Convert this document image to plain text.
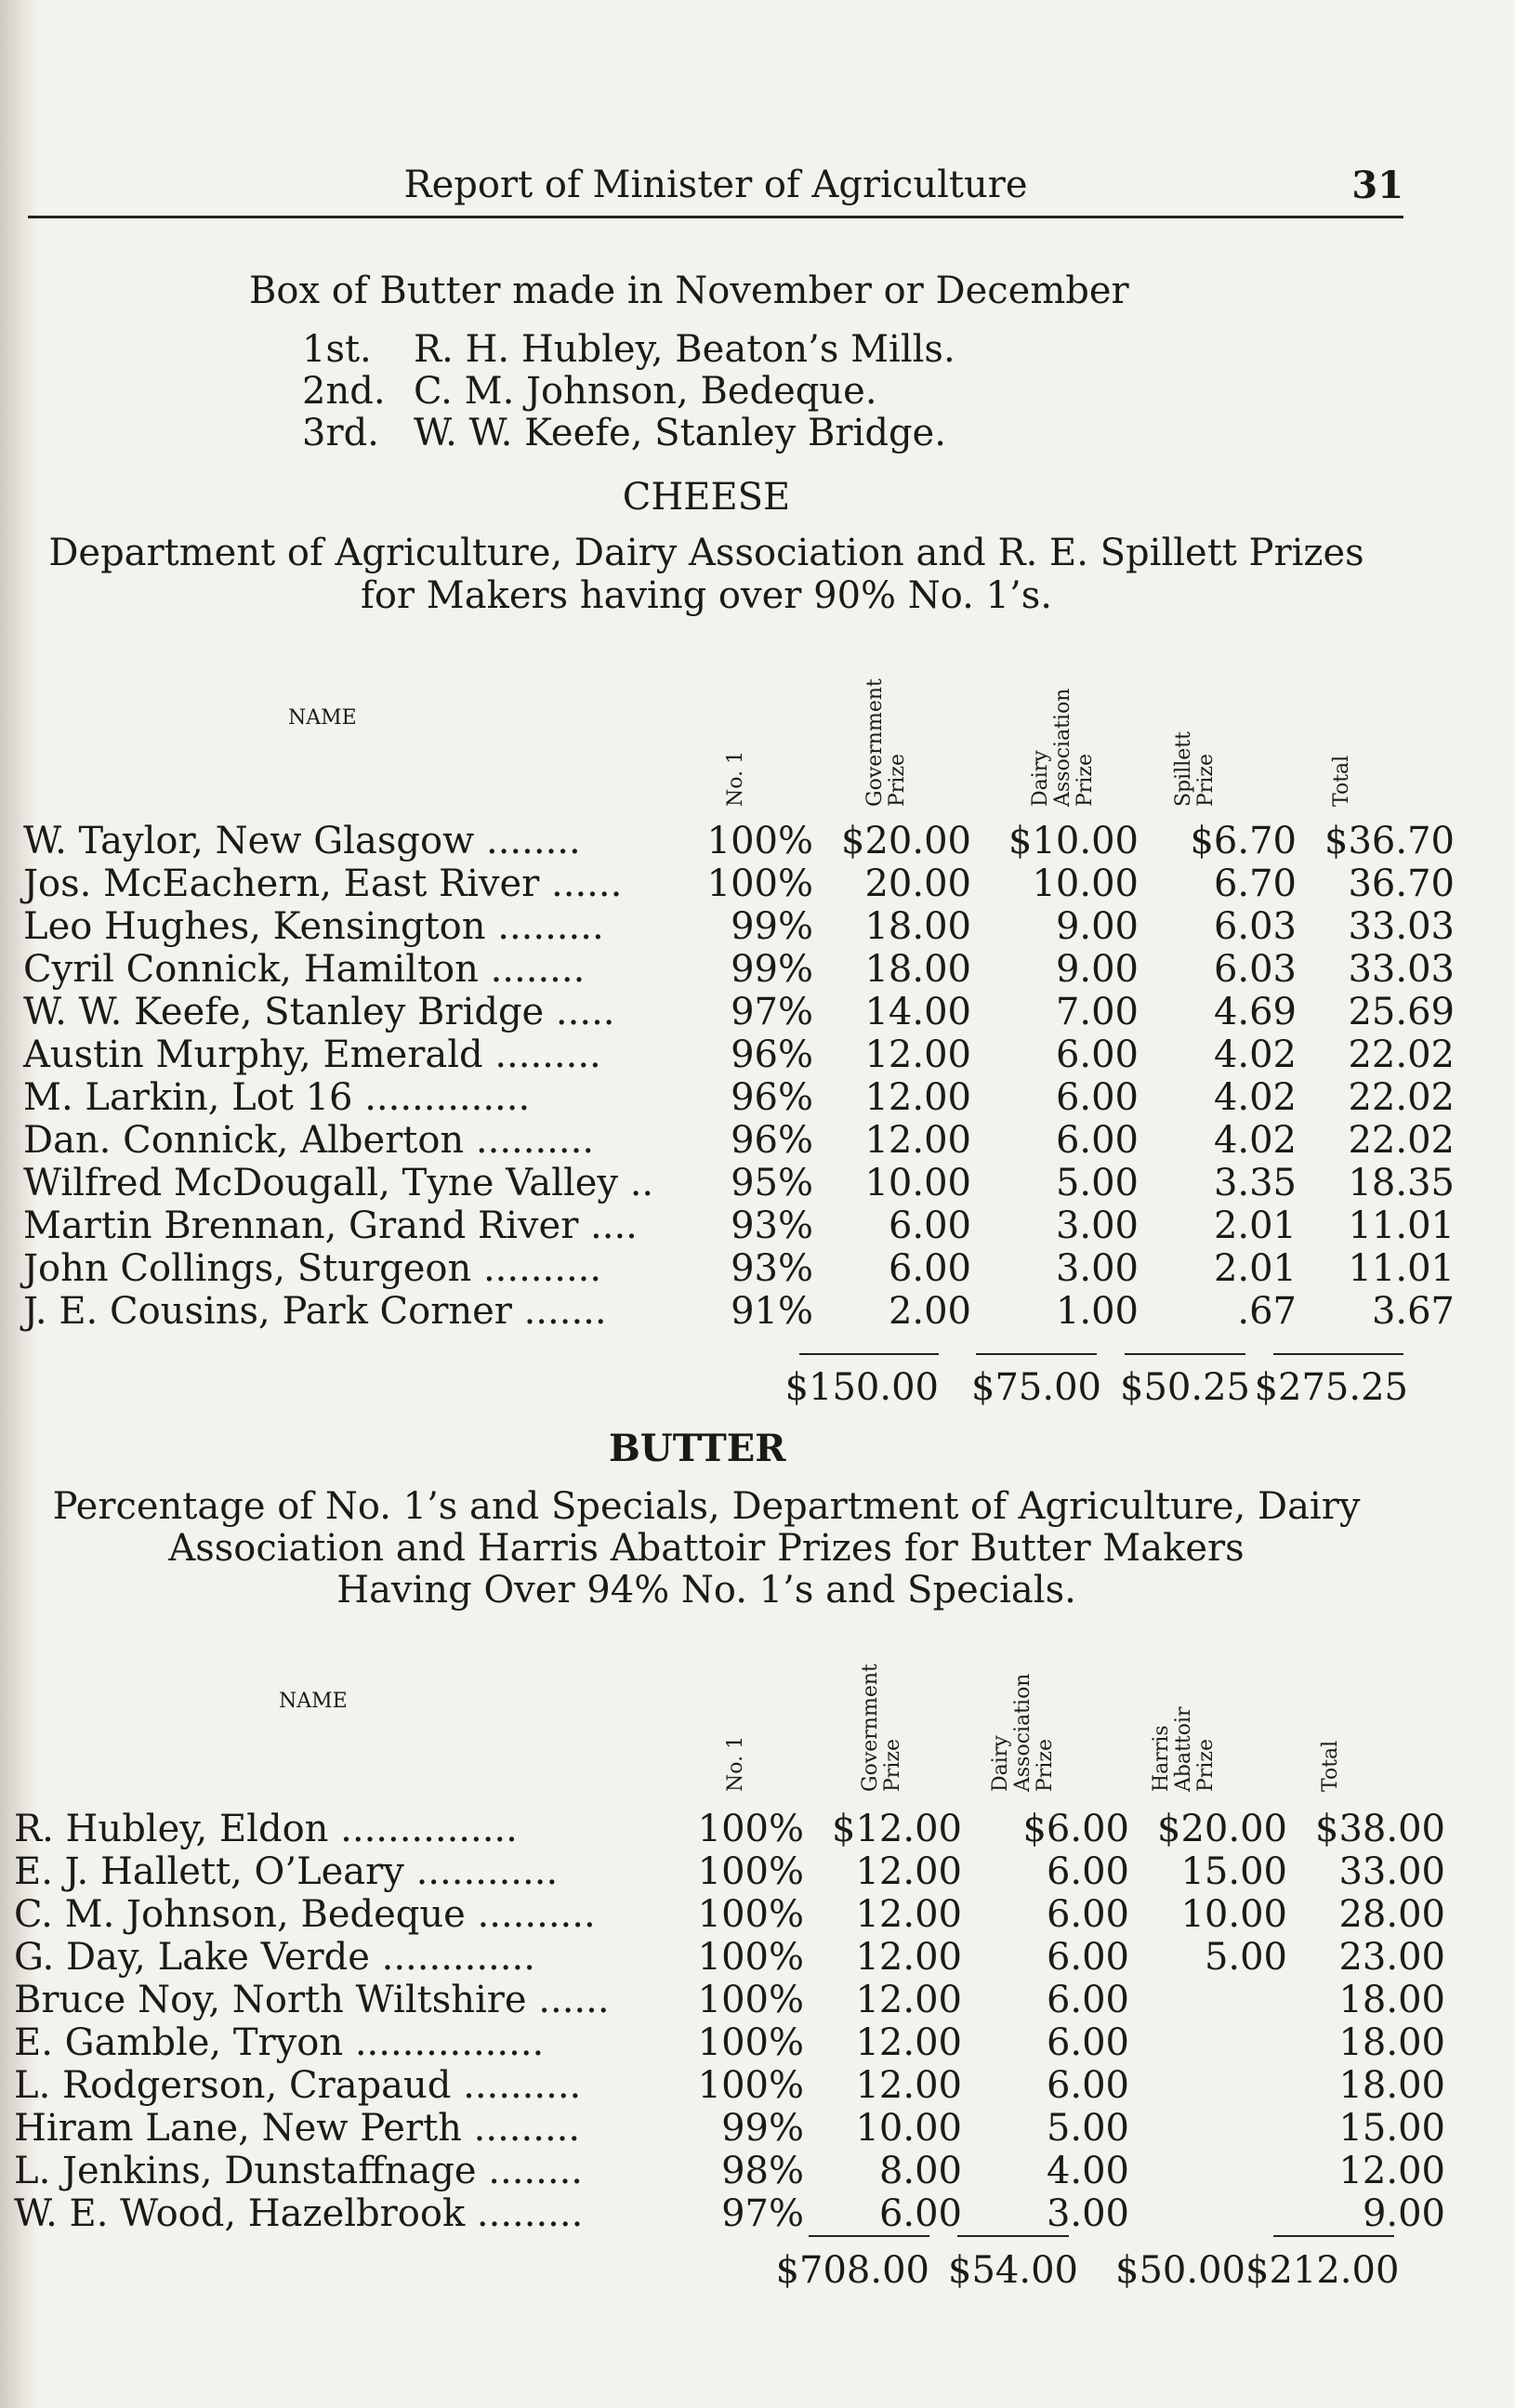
Report of Minister of Agriculture	31
Box of Butter made in November or December
1st. R. H. Hubley, Beaton’s Mills.
2nd. C. M. Johnson, Bedeque.
3rd. W. W. Keefe, Stanley Bridge.
CHEESE
Department of Agriculture, Dairy Association and R. E. Spillett Prizes
for Makers having over 90% No. 1’s.
NAME
No. 1	Government Prize	Dairy Association Prize	Spillett Prize	Total
W. Taylor, New Glasgow ........	100%	$20.00	$10.00	$6.70	$36.70
Jos. McEachern, East River ......	100%	20.00	10.00	6.70	36.70
Leo Hughes, Kensington .........	99%	18.00	9.00	6.03	33.03
Cyril Connick, Hamilton ........	99%	18.00	9.00	6.03	33.03
W. W. Keefe, Stanley Bridge .....	97%	14.00	7.00	4.69	25.69
Austin Murphy, Emerald .........	96%	12.00	6.00	4.02	22.02
M. Larkin, Lot 16 ..............	96%	12.00	6.00	4.02	22.02
Dan. Connick, Alberton ..........	96%	12.00	6.00	4.02	22.02
Wilfred McDougall, Tyne Valley ..	95%	10.00	5.00	3.35	18.35
Martin Brennan, Grand River ....	93%	6.00	3.00	2.01	11.01
John Collings, Sturgeon ..........	93%	6.00	3.00	2.01	11.01
J. E. Cousins, Park Corner .......	91%	2.00	1.00	.67	3.67
$150.00 $75.00 $50.25 $275.25
BUTTER
Percentage of No. 1’s and Specials, Department of Agriculture, Dairy
Association and Harris Abattoir Prizes for Butter Makers
Having Over 94% No. 1’s and Specials.
NAME
No. 1	Government Prize	Dairy Association Prize	Harris Abattoir Prize	Total
R. Hubley, Eldon ...............	100%	$12.00	$6.00	$20.00	$38.00
E. J. Hallett, O’Leary ............	100%	12.00	6.00	15.00	33.00
C. M. Johnson, Bedeque ..........	100%	12.00	6.00	10.00	28.00
G. Day, Lake Verde .............	100%	12.00	6.00	5.00	23.00
Bruce Noy, North Wiltshire ......	100%	12.00	6.00		18.00
E. Gamble, Tryon ................	100%	12.00	6.00		18.00
L. Rodgerson, Crapaud ..........	100%	12.00	6.00		18.00
Hiram Lane, New Perth .........	99%	10.00	5.00		15.00
L. Jenkins, Dunstaffnage ........	98%	8.00	4.00		12.00
W. E. Wood, Hazelbrook .........	97%	6.00	3.00		9.00
$708.00 $54.00	$50.00 $212.00
